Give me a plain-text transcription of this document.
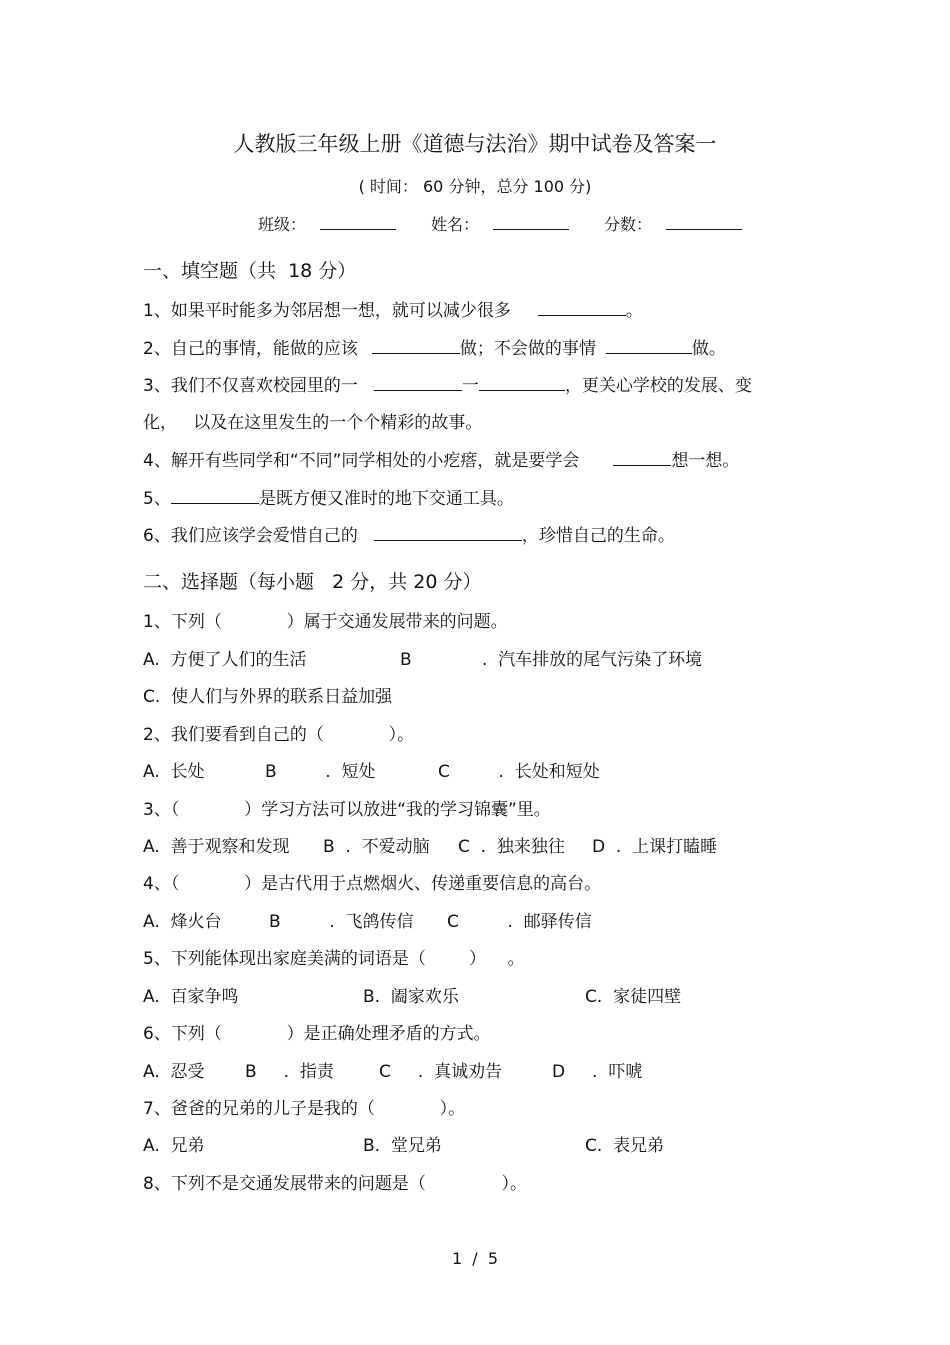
人教版三年级上册《道德与法治》期中试卷及答案一
( 时间： 60 分钟，总分 100 分)
班级：	姓名：	分数：
一、填空题（共  18 分）
1、如果平时能多为邻居想一想，就可以减少很多	。
2、自己的事情，能做的应该	做；不会做的事情	做。
3、我们不仅喜欢校园里的一	一	，更关心学校的发展、变
化，   以及在这里发生的一个个精彩的故事。
4、解开有些同学和“不同”同学相处的小疙瘩，就是要学会	想一想。
5、	是既方便又准时的地下交通工具。
6、我们应该学会爱惜自己的	，珍惜自己的生命。
二、选择题（每小题   2 分，共 20 分）
1、下列（            ）属于交通发展带来的问题。
A.  方便了人们的生活	B             .  汽车排放的尾气污染了环境
C.  使人们与外界的联系日益加强
2、我们要看到自己的（            ）。
A.  长处	B         .  短处	C         .  长处和短处
3、（            ）学习方法可以放进“我的学习锦囊”里。
A.  善于观察和发现 B  .  不爱动脑 C  .  独来独往 D  .  上课打瞌睡
4、（            ）是古代用于点燃烟火、传递重要信息的高台。
A.  烽火台	B         .  飞鸽传信 C         .  邮驿传信
5、下列能体现出家庭美满的词语是（        ）    。
A.  百家争鸣	B.  阖家欢乐	C.  家徒四壁
6、下列（            ）是正确处理矛盾的方式。
A.  忍受 B     .  指责	C     .  真诚劝告	D     .  吓唬
7、爸爸的兄弟的儿子是我的（            ）。
A.  兄弟	B.  堂兄弟	C.  表兄弟
8、下列不是交通发展带来的问题是（              ）。
1  /  5
